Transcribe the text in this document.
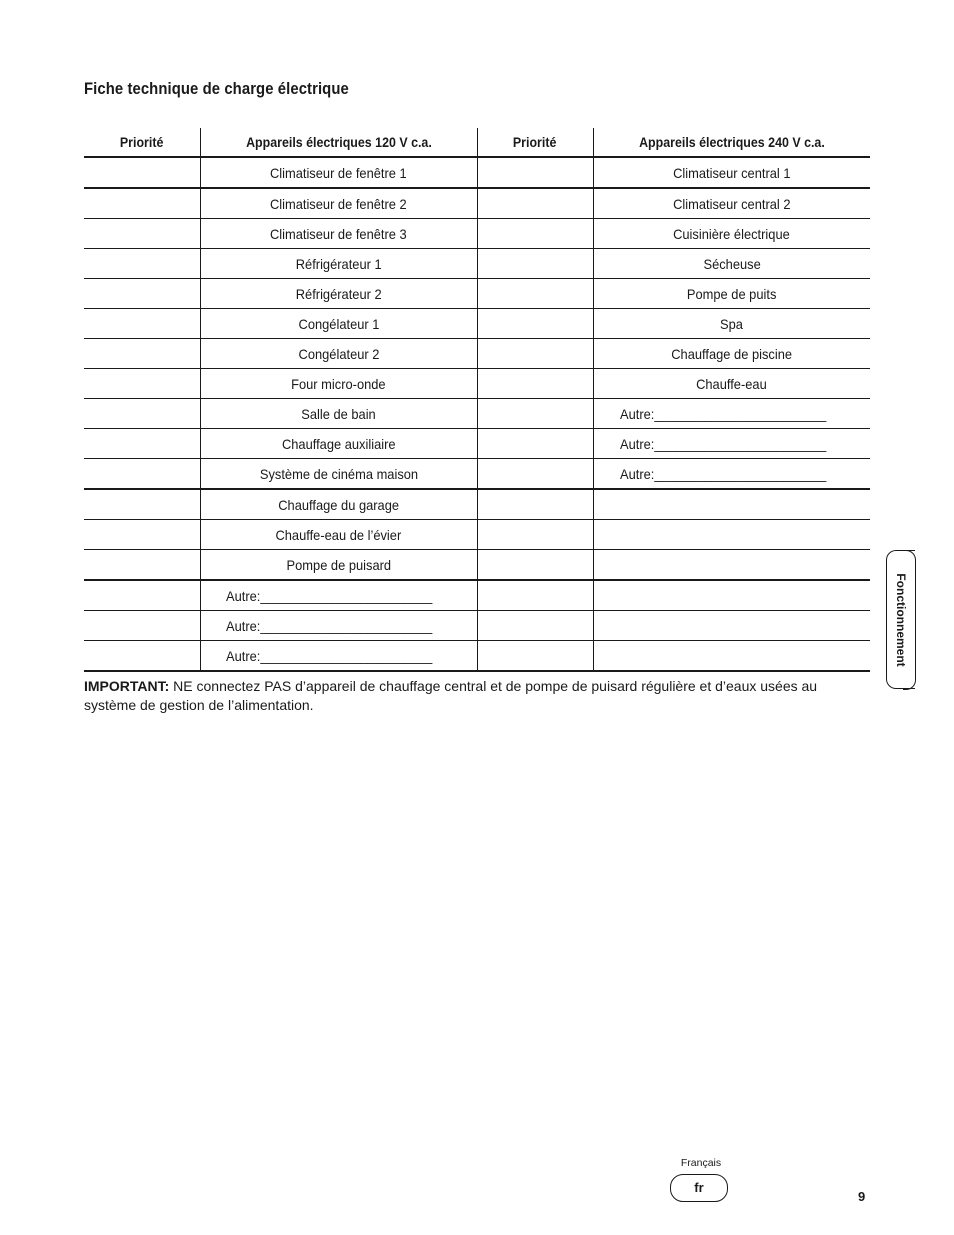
Fiche technique de charge électrique
Priorité	Appareils électriques 120 V c.a.	Priorité	Appareils électriques 240 V c.a.
	Climatiseur de fenêtre 1		Climatiseur central 1
	Climatiseur de fenêtre 2		Climatiseur central 2
	Climatiseur de fenêtre 3		Cuisinière électrique
	Réfrigérateur 1		Sécheuse
	Réfrigérateur 2		Pompe de puits
	Congélateur 1		Spa
	Congélateur 2		Chauffage de piscine
	Four micro-onde		Chauffe-eau
	Salle de bain		Autre:________________________
	Chauffage auxiliaire		Autre:________________________
	Système de cinéma maison		Autre:________________________
	Chauffage du garage		
	Chauffe-eau de l’évier		
	Pompe de puisard		
	Autre:________________________		
	Autre:________________________		
	Autre:________________________		
IMPORTANT: NE connectez PAS d’appareil de chauffage central et de pompe de puisard régulière et d’eaux usées au système de gestion de l’alimentation.
Fonctionnement
Français
fr
9
